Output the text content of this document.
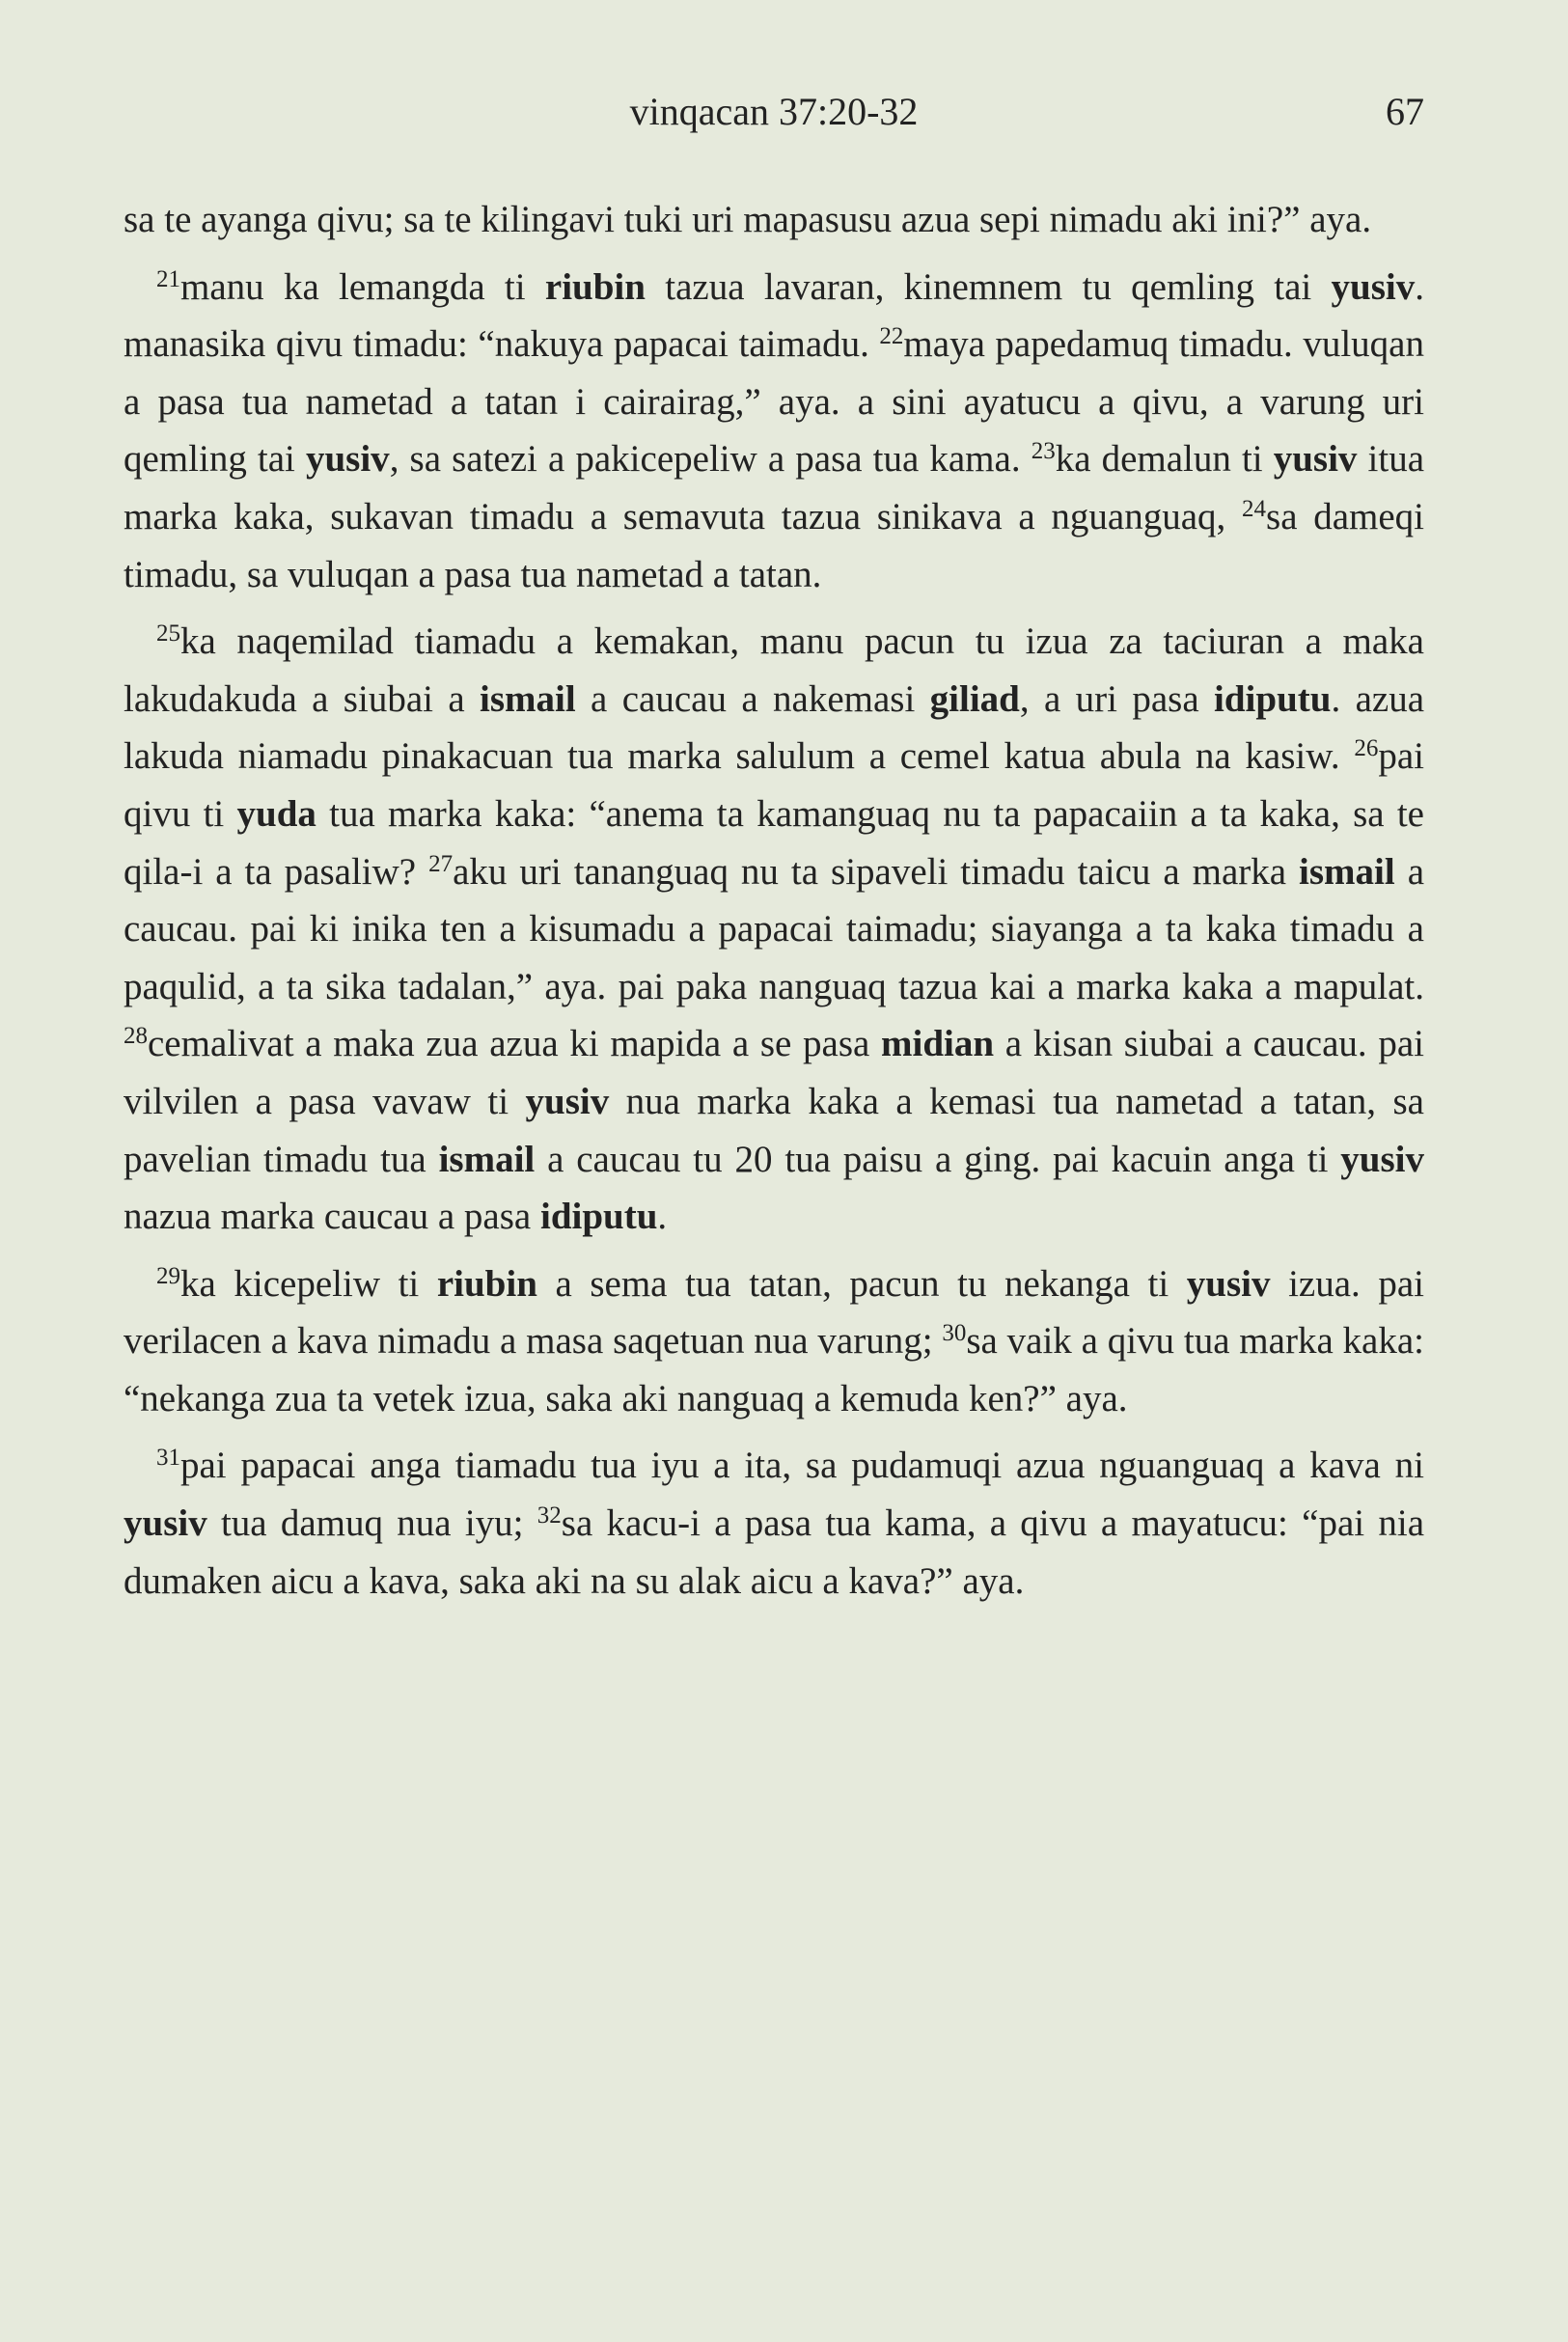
vinqacan 37:20-32	67

sa te ayanga qivu; sa te kilingavi tuki uri mapasusu azua sepi nimadu aki ini?” aya.

$^{21}$manu ka lemangda ti riubin tazua lavaran, kinemnem tu qemling tai yusiv. manasika qivu timadu: “nakuya papacai taimadu. $^{22}$maya papedamuq timadu. vuluqan a pasa tua nametad a tatan i cairairag,” aya. a sini ayatucu a qivu, a varung uri qemling tai yusiv, sa satezi a pakicepeliw a pasa tua kama. $^{23}$ka demalun ti yusiv itua marka kaka, sukavan timadu a semavuta tazua sinikava a nguanguaq, $^{24}$sa dameqi timadu, sa vuluqan a pasa tua nametad a tatan.

$^{25}$ka naqemilad tiamadu a kemakan, manu pacun tu izua za taciuran a maka lakudakuda a siubai a ismail a caucau a nakemasi giliad, a uri pasa idiputu. azua lakuda niamadu pinakacuan tua marka salulum a cemel katua abula na kasiw. $^{26}$pai qivu ti yuda tua marka kaka: “anema ta kamanguaq nu ta papacaiin a ta kaka, sa te qila-i a ta pasaliw? $^{27}$aku uri tananguaq nu ta sipaveli timadu taicu a marka ismail a caucau. pai ki inika ten a kisumadu a papacai taimadu; siayanga a ta kaka timadu a paqulid, a ta sika tadalan,” aya. pai paka nanguaq tazua kai a marka kaka a mapulat. $^{28}$cemalivat a maka zua azua ki mapida a se pasa midian a kisan siubai a caucau. pai vilvilen a pasa vavaw ti yusiv nua marka kaka a kemasi tua nametad a tatan, sa pavelian timadu tua ismail a caucau tu 20 tua paisu a ging. pai kacuin anga ti yusiv nazua marka caucau a pasa idiputu.

$^{29}$ka kicepeliw ti riubin a sema tua tatan, pacun tu nekanga ti yusiv izua. pai verilacen a kava nimadu a masa saqetuan nua varung; $^{30}$sa vaik a qivu tua marka kaka: “nekanga zua ta vetek izua, saka aki nanguaq a kemuda ken?” aya.

$^{31}$pai papacai anga tiamadu tua iyu a ita, sa pudamuqi azua nguanguaq a kava ni yusiv tua damuq nua iyu; $^{32}$sa kacu-i a pasa tua kama, a qivu a mayatucu: “pai nia dumaken aicu a kava, saka aki na su alak aicu a kava?” aya.
